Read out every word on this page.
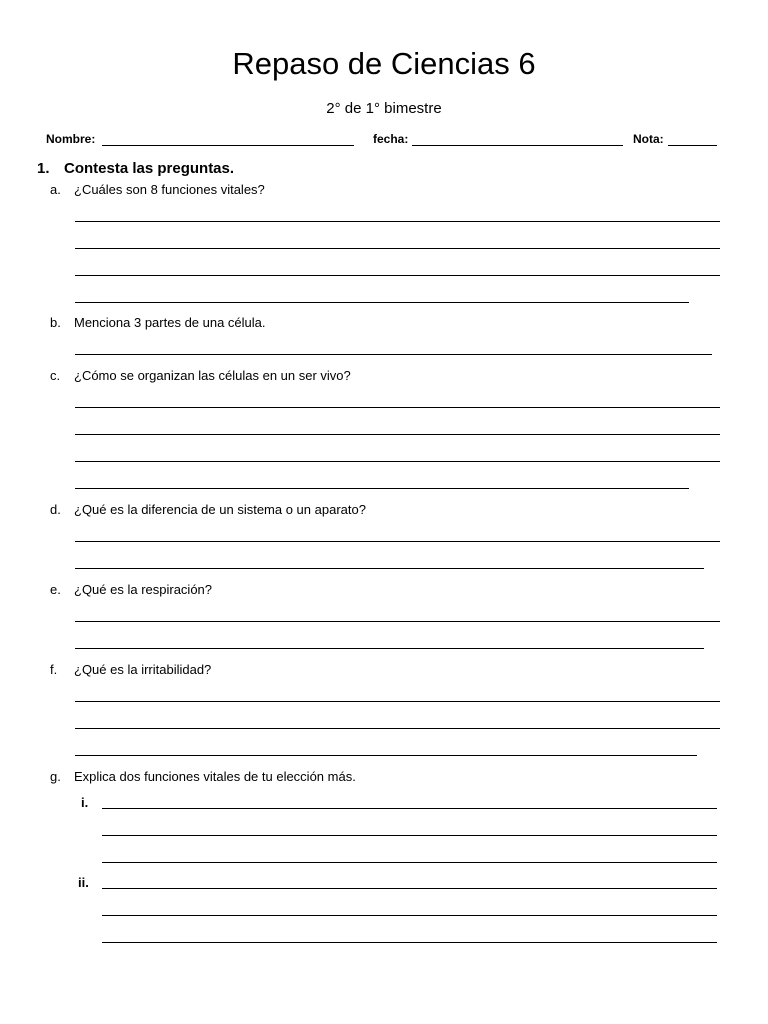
Repaso de Ciencias 6
2° de 1° bimestre
Nombre:	fecha:	Nota:
1. Contesta las preguntas.
a. ¿Cuáles son 8 funciones vitales?
b. Menciona 3 partes de una célula.
c. ¿Cómo se organizan las células en un ser vivo?
d. ¿Qué es la diferencia de un sistema o un aparato?
e. ¿Qué es la respiración?
f. ¿Qué es la irritabilidad?
g. Explica dos funciones vitales de tu elección más.
i.
ii.
